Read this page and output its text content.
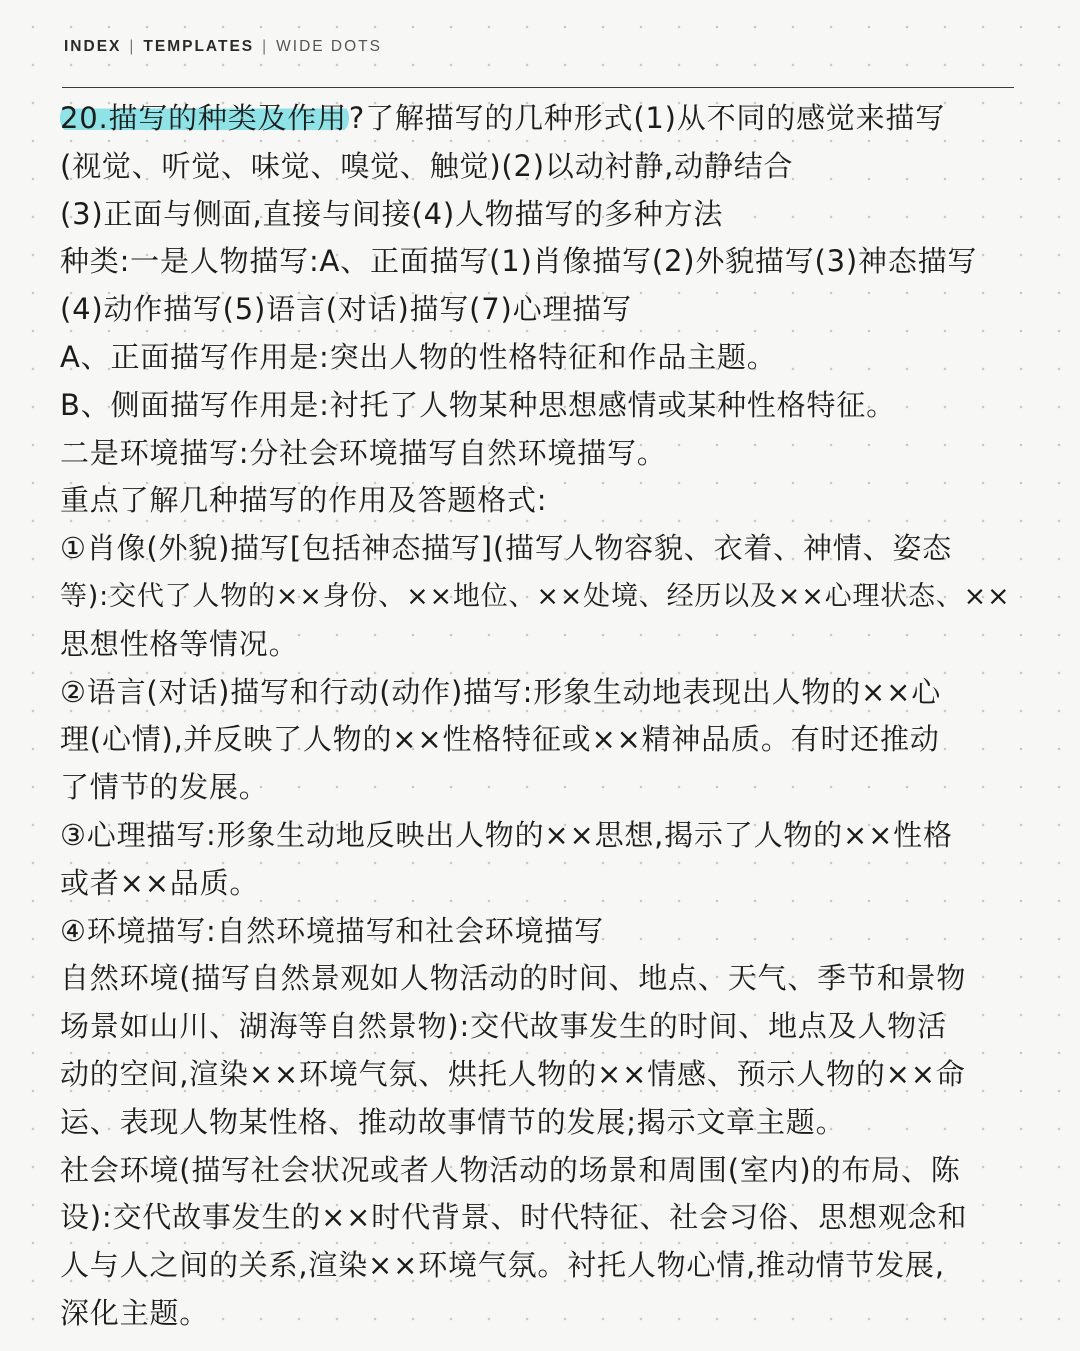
INDEX | TEMPLATES | WIDE DOTS
20.描写的种类及作用?了解描写的几种形式(1)从不同的感觉来描写
(视觉、听觉、味觉、嗅觉、触觉)(2)以动衬静,动静结合
(3)正面与侧面,直接与间接(4)人物描写的多种方法
种类:一是人物描写:A、正面描写(1)肖像描写(2)外貌描写(3)神态描写
(4)动作描写(5)语言(对话)描写(7)心理描写
A、正面描写作用是:突出人物的性格特征和作品主题。
B、侧面描写作用是:衬托了人物某种思想感情或某种性格特征。
二是环境描写:分社会环境描写自然环境描写。
重点了解几种描写的作用及答题格式:
①肖像(外貌)描写[包括神态描写](描写人物容貌、衣着、神情、姿态
等):交代了人物的××身份、××地位、××处境、经历以及××心理状态、××
思想性格等情况。
②语言(对话)描写和行动(动作)描写:形象生动地表现出人物的××心
理(心情),并反映了人物的××性格特征或××精神品质。有时还推动
了情节的发展。
③心理描写:形象生动地反映出人物的××思想,揭示了人物的××性格
或者××品质。
④环境描写:自然环境描写和社会环境描写
自然环境(描写自然景观如人物活动的时间、地点、天气、季节和景物
场景如山川、湖海等自然景物):交代故事发生的时间、地点及人物活
动的空间,渲染××环境气氛、烘托人物的××情感、预示人物的××命
运、表现人物某性格、推动故事情节的发展;揭示文章主题。
社会环境(描写社会状况或者人物活动的场景和周围(室内)的布局、陈
设):交代故事发生的××时代背景、时代特征、社会习俗、思想观念和
人与人之间的关系,渲染××环境气氛。衬托人物心情,推动情节发展,
深化主题。
